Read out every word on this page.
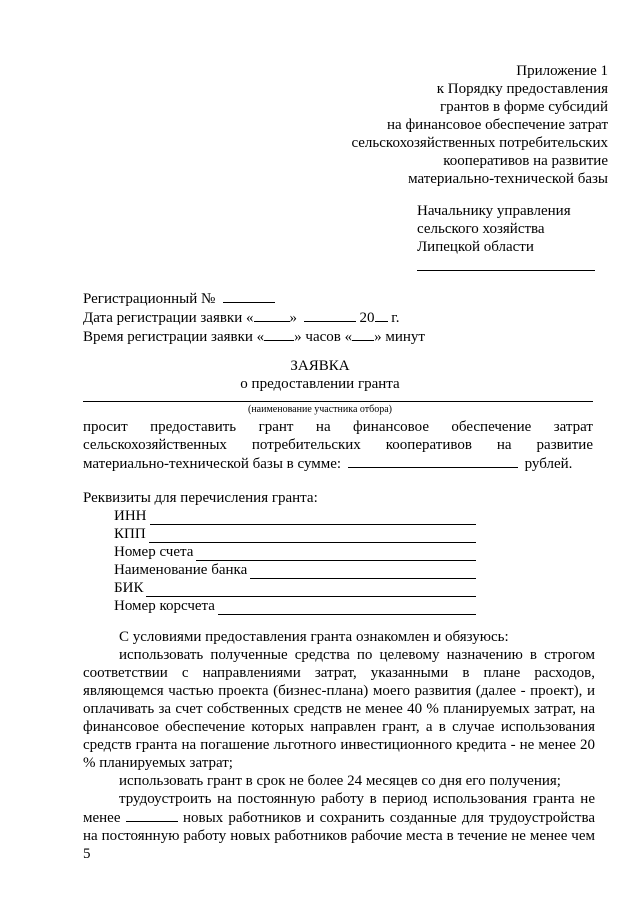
Приложение 1
к Порядку предоставления
грантов в форме субсидий
на финансовое обеспечение затрат
сельскохозяйственных потребительских
кооперативов на развитие
материально-технической базы
Начальнику управления
сельского хозяйства
Липецкой области
Регистрационный №
Дата регистрации заявки « »	20 г.
Время регистрации заявки « » часов « » минут
ЗАЯВКА
о предоставлении гранта
(наименование участника отбора)
просит предоставить грант на финансовое обеспечение затрат
сельскохозяйственных потребительских кооперативов на развитие
материально-технической базы в сумме:	рублей.
Реквизиты для перечисления гранта:
ИНН
КПП
Номер счета
Наименование банка
БИК
Номер корсчета

С условиями предоставления гранта ознакомлен и обязуюсь:

использовать полученные средства по целевому назначению в строгом соответствии с направлениями затрат, указанными в плане расходов, являющемся частью проекта (бизнес-плана) моего развития (далее - проект), и оплачивать за счет собственных средств не менее 40 % планируемых затрат, на финансовое обеспечение которых направлен грант, а в случае использования средств гранта на погашение льготного инвестиционного кредита - не менее 20 % планируемых затрат;

использовать грант в срок не более 24 месяцев со дня его получения;

трудоустроить на постоянную работу в период использования гранта не менее	новых работников и сохранить созданные для трудоустройства на постоянную работу новых работников рабочие места в течение не менее чем 5
